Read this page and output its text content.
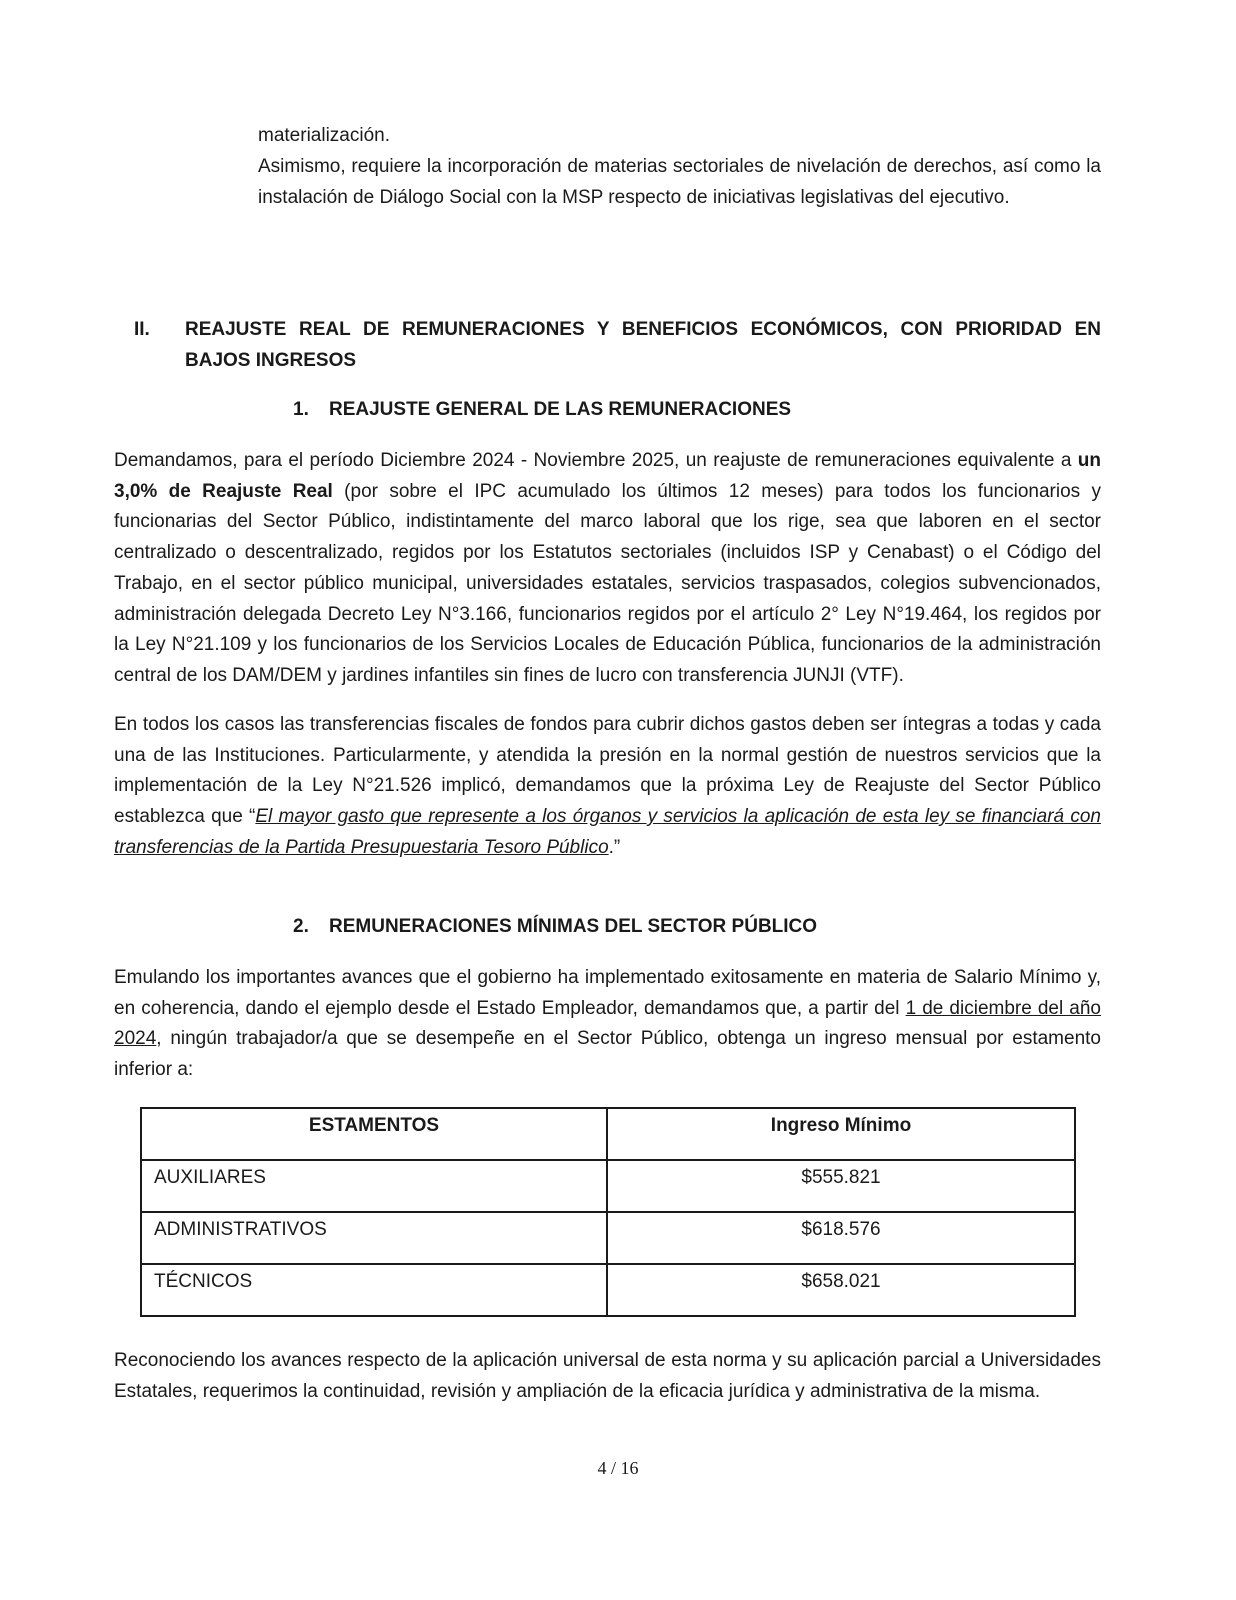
materialización.

Asimismo, requiere la incorporación de materias sectoriales de nivelación de derechos, así como la instalación de Diálogo Social con la MSP respecto de iniciativas legislativas del ejecutivo.

II. REAJUSTE REAL DE REMUNERACIONES Y BENEFICIOS ECONÓMICOS, CON PRIORIDAD EN BAJOS INGRESOS
1. REAJUSTE GENERAL DE LAS REMUNERACIONES

Demandamos, para el período Diciembre 2024 - Noviembre 2025, un reajuste de remuneraciones equivalente a un 3,0% de Reajuste Real (por sobre el IPC acumulado los últimos 12 meses) para todos los funcionarios y funcionarias del Sector Público, indistintamente del marco laboral que los rige, sea que laboren en el sector centralizado o descentralizado, regidos por los Estatutos sectoriales (incluidos ISP y Cenabast) o el Código del Trabajo, en el sector público municipal, universidades estatales, servicios traspasados, colegios subvencionados, administración delegada Decreto Ley N°3.166, funcionarios regidos por el artículo 2° Ley N°19.464, los regidos por la Ley N°21.109 y los funcionarios de los Servicios Locales de Educación Pública, funcionarios de la administración central de los DAM/DEM y jardines infantiles sin fines de lucro con transferencia JUNJI (VTF).

En todos los casos las transferencias fiscales de fondos para cubrir dichos gastos deben ser íntegras a todas y cada una de las Instituciones. Particularmente, y atendida la presión en la normal gestión de nuestros servicios que la implementación de la Ley N°21.526 implicó, demandamos que la próxima Ley de Reajuste del Sector Público establezca que “El mayor gasto que represente a los órganos y servicios la aplicación de esta ley se financiará con transferencias de la Partida Presupuestaria Tesoro Público.”

2. REMUNERACIONES MÍNIMAS DEL SECTOR PÚBLICO

Emulando los importantes avances que el gobierno ha implementado exitosamente en materia de Salario Mínimo y, en coherencia, dando el ejemplo desde el Estado Empleador, demandamos que, a partir del 1 de diciembre del año 2024, ningún trabajador/a que se desempeñe en el Sector Público, obtenga un ingreso mensual por estamento inferior a:

ESTAMENTOS	Ingreso Mínimo
AUXILIARES	$555.821
ADMINISTRATIVOS	$618.576
TÉCNICOS	$658.021

Reconociendo los avances respecto de la aplicación universal de esta norma y su aplicación parcial a Universidades Estatales, requerimos la continuidad, revisión y ampliación de la eficacia jurídica y administrativa de la misma.

4 / 16
